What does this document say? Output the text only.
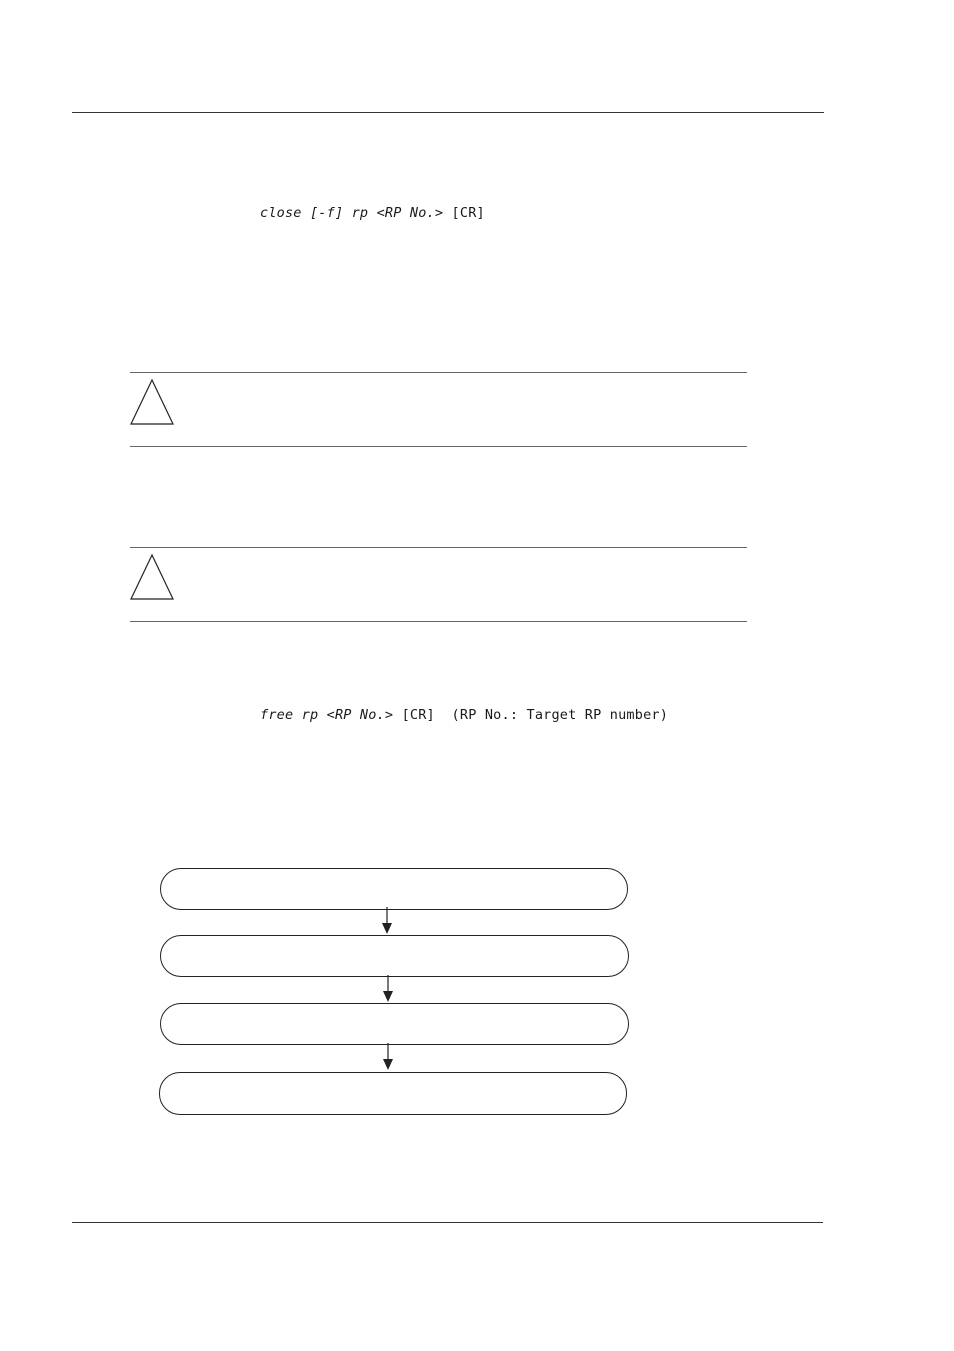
close [-f] rp <RP No.> [CR]
free rp <RP No.> [CR]  (RP No.: Target RP number)
